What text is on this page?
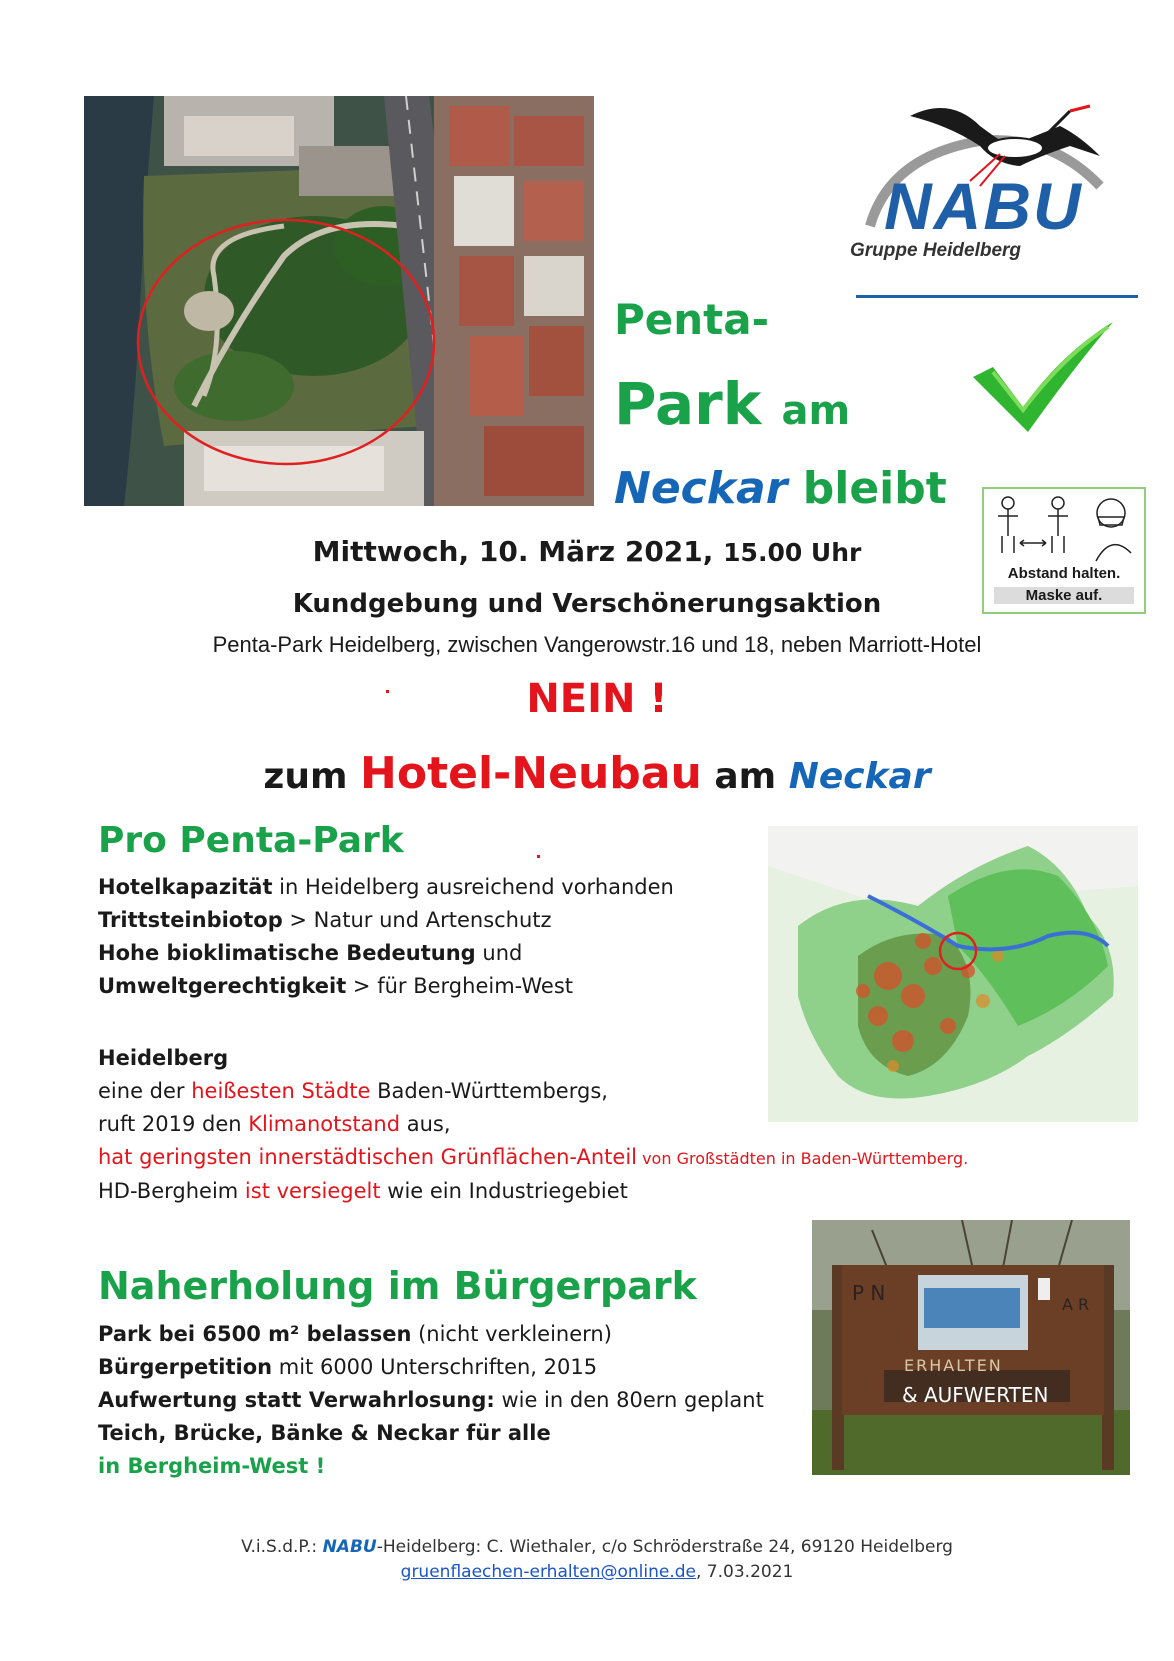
NABU
Gruppe Heidelberg
Penta-
Park am
Neckar bleibt
Abstand halten.
Maske auf.
Mittwoch, 10. März 2021, 15.00 Uhr
Kundgebung und Verschönerungsaktion
Penta-Park Heidelberg, zwischen Vangerowstr.16 und 18, neben Marriott-Hotel
NEIN !
zum Hotel-Neubau am Neckar
Pro Penta-Park
Hotelkapazität in Heidelberg ausreichend vorhanden
Trittsteinbiotop > Natur und Artenschutz
Hohe bioklimatische Bedeutung und
Umweltgerechtigkeit > für Bergheim-West
Heidelberg
eine der heißesten Städte Baden-Württembergs,
ruft 2019 den Klimanotstand aus,
hat geringsten innerstädtischen Grünflächen-Anteil von Großstädten in Baden-Württemberg.
HD-Bergheim ist versiegelt wie ein Industriegebiet
Naherholung im Bürgerpark
Park bei 6500 m² belassen (nicht verkleinern)
Bürgerpetition mit 6000 Unterschriften, 2015
Aufwertung statt Verwahrlosung: wie in den 80ern geplant
Teich, Brücke, Bänke & Neckar für alle
in Bergheim-West !
P N	A R
ERHALTEN
& AUFWERTEN
V.i.S.d.P.: NABU-Heidelberg: C. Wiethaler, c/o Schröderstraße 24, 69120 Heidelberg
gruenflaechen-erhalten@online.de, 7.03.2021
